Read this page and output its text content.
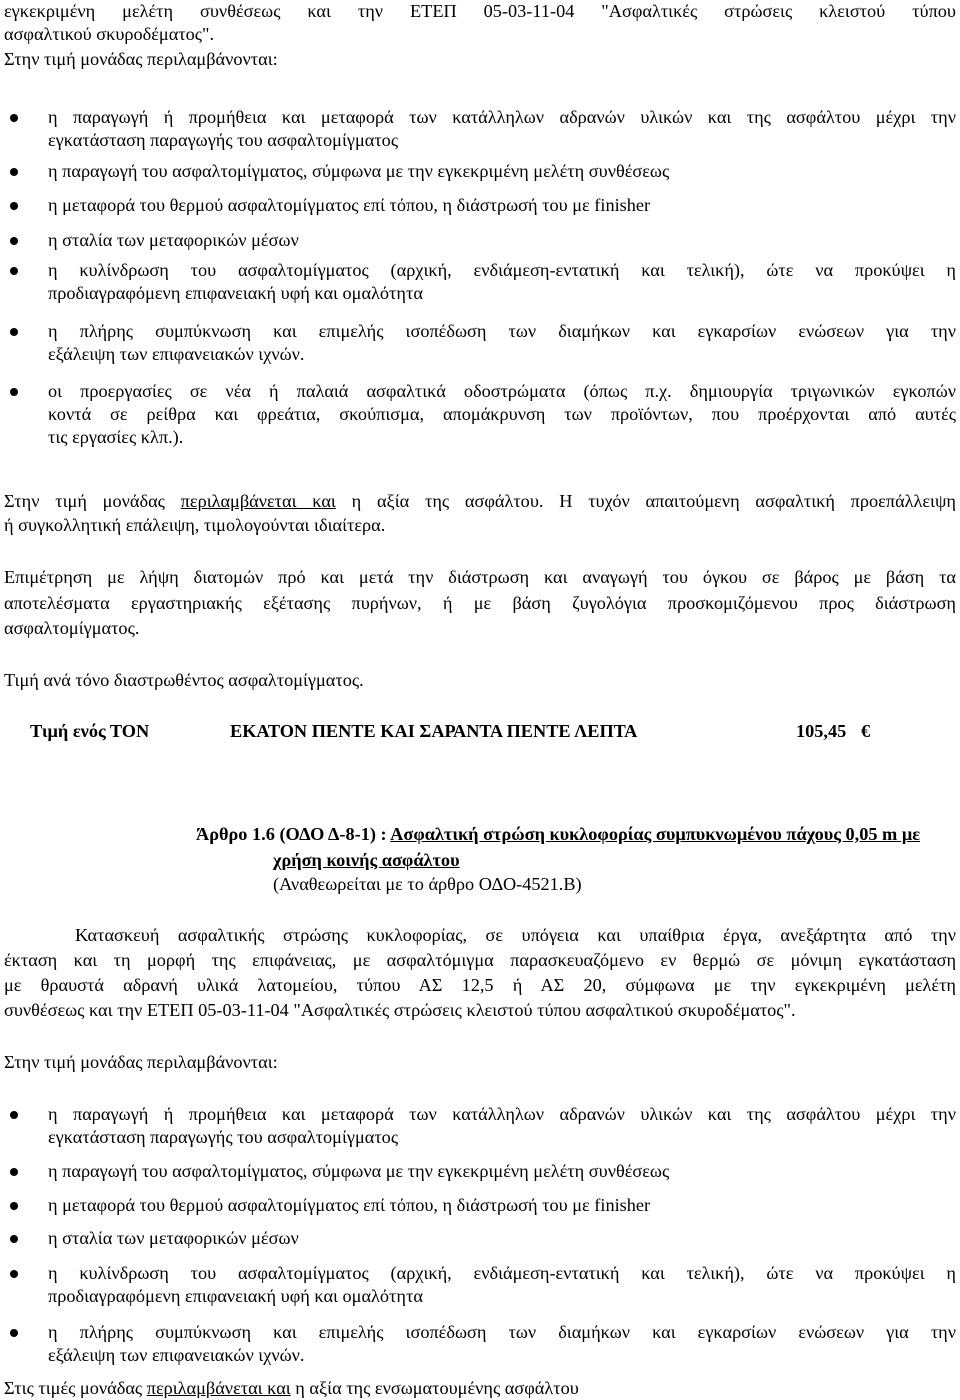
εγκεκριμένη μελέτη συνθέσεως και την ΕΤΕΠ 05-03-11-04 "Ασφαλτικές στρώσεις κλειστού τύπου

ασφαλτικού σκυροδέματος".

Στην τιμή μονάδας περιλαμβάνονται:

η παραγωγή ή προμήθεια και μεταφορά των κατάλληλων αδρανών υλικών και της ασφάλτου μέχρι την
εγκατάσταση παραγωγής του ασφαλτομίγματος
η παραγωγή του ασφαλτομίγματος, σύμφωνα με την εγκεκριμένη μελέτη συνθέσεως
η μεταφορά του θερμού ασφαλτομίγματος επί τόπου, η διάστρωσή του με finisher
η σταλία των μεταφορικών μέσων
η κυλίνδρωση του ασφαλτομίγματος (αρχική, ενδιάμεση-εντατική και τελική), ώτε να προκύψει η
προδιαγραφόμενη επιφανειακή υφή και ομαλότητα
η πλήρης συμπύκνωση και επιμελής ισοπέδωση των διαμήκων και εγκαρσίων ενώσεων για την
εξάλειψη των επιφανειακών ιχνών.
οι προεργασίες σε νέα ή παλαιά ασφαλτικά οδοστρώματα (όπως π.χ. δημιουργία τριγωνικών εγκοπών
κοντά σε ρείθρα και φρεάτια, σκούπισμα, απομάκρυνση των προϊόντων, που προέρχονται από αυτές
τις εργασίες κλπ.).

Στην τιμή μονάδας περιλαμβάνεται και η αξία της ασφάλτου. Η τυχόν απαιτούμενη ασφαλτική προεπάλλειψη

ή συγκολλητική επάλειψη, τιμολογούνται ιδιαίτερα.

Επιμέτρηση με λήψη διατομών πρό και μετά την διάστρωση και αναγωγή του όγκου σε βάρος με βάση τα

αποτελέσματα εργαστηριακής εξέτασης πυρήνων, ή με βάση ζυγολόγια προσκομιζόμενου προς διάστρωση

ασφαλτομίγματος.

Τιμή ανά τόνο διαστρωθέντος ασφαλτομίγματος.

Τιμή ενός ΤΟΝ	ΕΚΑΤΟΝ ΠΕΝΤΕ ΚΑΙ ΣΑΡΑΝΤΑ ΠΕΝΤΕ ΛΕΠΤΑ	105,45 €
Άρθρο 1.6 (ΟΔΟ Δ-8-1) : Ασφαλτική στρώση κυκλοφορίας συμπυκνωμένου πάχους 0,05 m με
χρήση κοινής ασφάλτου
(Αναθεωρείται με το άρθρο ΟΔΟ-4521.Β)

Κατασκευή ασφαλτικής στρώσης κυκλοφορίας, σε υπόγεια και υπαίθρια έργα, ανεξάρτητα από την

έκταση και τη μορφή της επιφάνειας, με ασφαλτόμιγμα παρασκευαζόμενο εν θερμώ σε μόνιμη εγκατάσταση

με θραυστά αδρανή υλικά λατομείου, τύπου ΑΣ 12,5 ή ΑΣ 20, σύμφωνα με την εγκεκριμένη μελέτη

συνθέσεως και την ΕΤΕΠ 05-03-11-04 "Ασφαλτικές στρώσεις κλειστού τύπου ασφαλτικού σκυροδέματος".

Στην τιμή μονάδας περιλαμβάνονται:

η παραγωγή ή προμήθεια και μεταφορά των κατάλληλων αδρανών υλικών και της ασφάλτου μέχρι την
εγκατάσταση παραγωγής του ασφαλτομίγματος
η παραγωγή του ασφαλτομίγματος, σύμφωνα με την εγκεκριμένη μελέτη συνθέσεως
η μεταφορά του θερμού ασφαλτομίγματος επί τόπου, η διάστρωσή του με finisher
η σταλία των μεταφορικών μέσων
η κυλίνδρωση του ασφαλτομίγματος (αρχική, ενδιάμεση-εντατική και τελική), ώτε να προκύψει η
προδιαγραφόμενη επιφανειακή υφή και ομαλότητα
η πλήρης συμπύκνωση και επιμελής ισοπέδωση των διαμήκων και εγκαρσίων ενώσεων για την
εξάλειψη των επιφανειακών ιχνών.

Στις τιμές μονάδας περιλαμβάνεται και η αξία της ενσωματουμένης ασφάλτου
